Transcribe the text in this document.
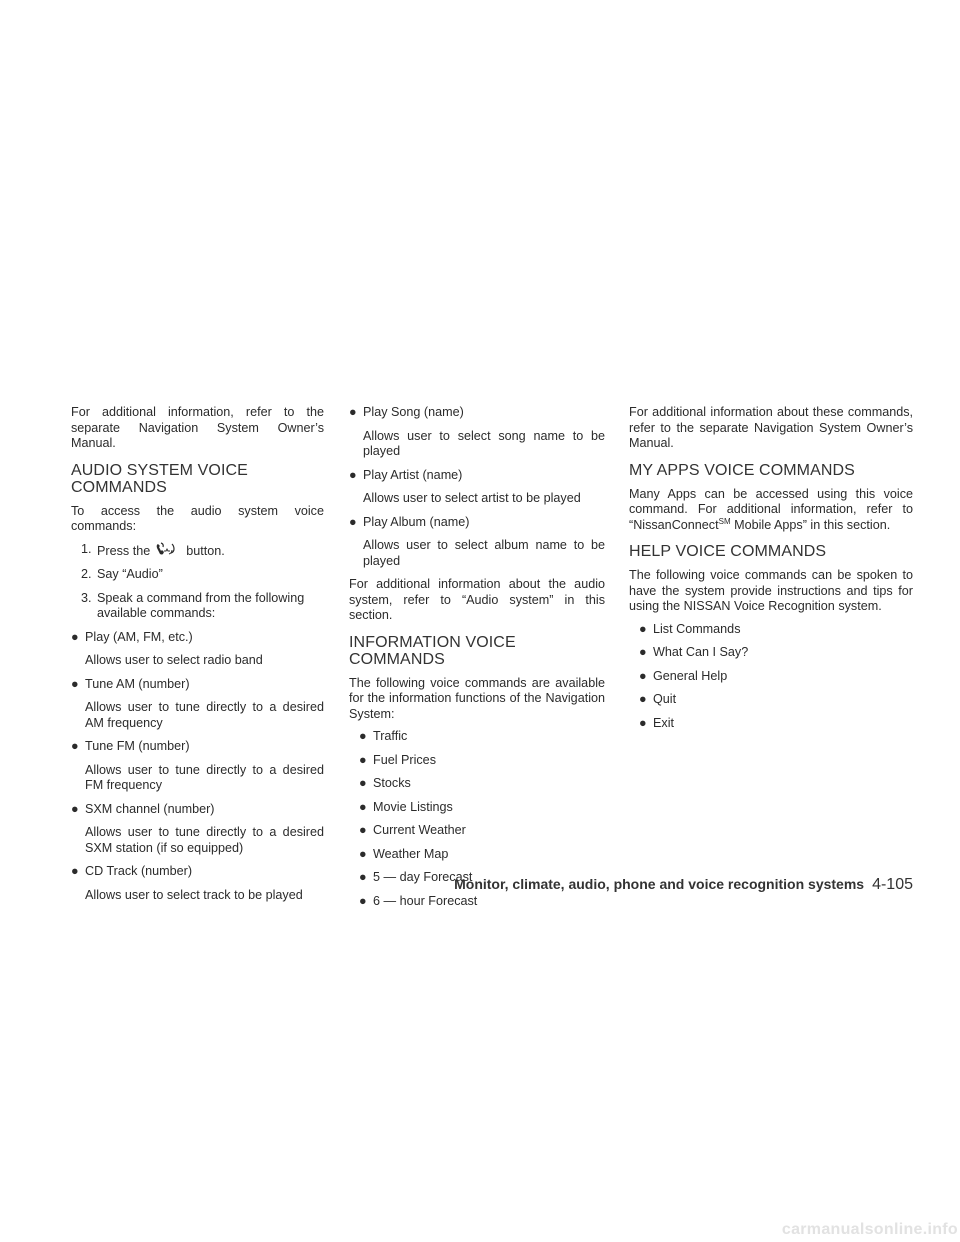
For additional information, refer to the separate Navigation System Owner’s Manual.

AUDIO SYSTEM VOICE COMMANDS

To access the audio system voice commands:

1. Press the	button.
2. Say “Audio”
3. Speak a command from the following available commands:
● Play (AM, FM, etc.)

Allows user to select radio band

● Tune AM (number)

Allows user to tune directly to a desired AM frequency

● Tune FM (number)

Allows user to tune directly to a desired FM frequency

● SXM channel (number)

Allows user to tune directly to a desired SXM station (if so equipped)

● CD Track (number)

Allows user to select track to be played

● Play Song (name)

Allows user to select song name to be played

● Play Artist (name)

Allows user to select artist to be played

● Play Album (name)

Allows user to select album name to be played

For additional information about the audio system, refer to “Audio system” in this section.

INFORMATION VOICE COMMANDS

The following voice commands are available for the information functions of the Navigation System:

● Traffic
● Fuel Prices
● Stocks
● Movie Listings
● Current Weather
● Weather Map
● 5 — day Forecast
● 6 — hour Forecast

For additional information about these commands, refer to the separate Navigation System Owner’s Manual.

MY APPS VOICE COMMANDS

Many Apps can be accessed using this voice command. For additional information, refer to “NissanConnect℠ Mobile Apps” in this section.

HELP VOICE COMMANDS

The following voice commands can be spoken to have the system provide instructions and tips for using the NISSAN Voice Recognition system.

● List Commands
● What Can I Say?
● General Help
● Quit
● Exit
Monitor, climate, audio, phone and voice recognition systems 4-105
carmanualsonline.info
